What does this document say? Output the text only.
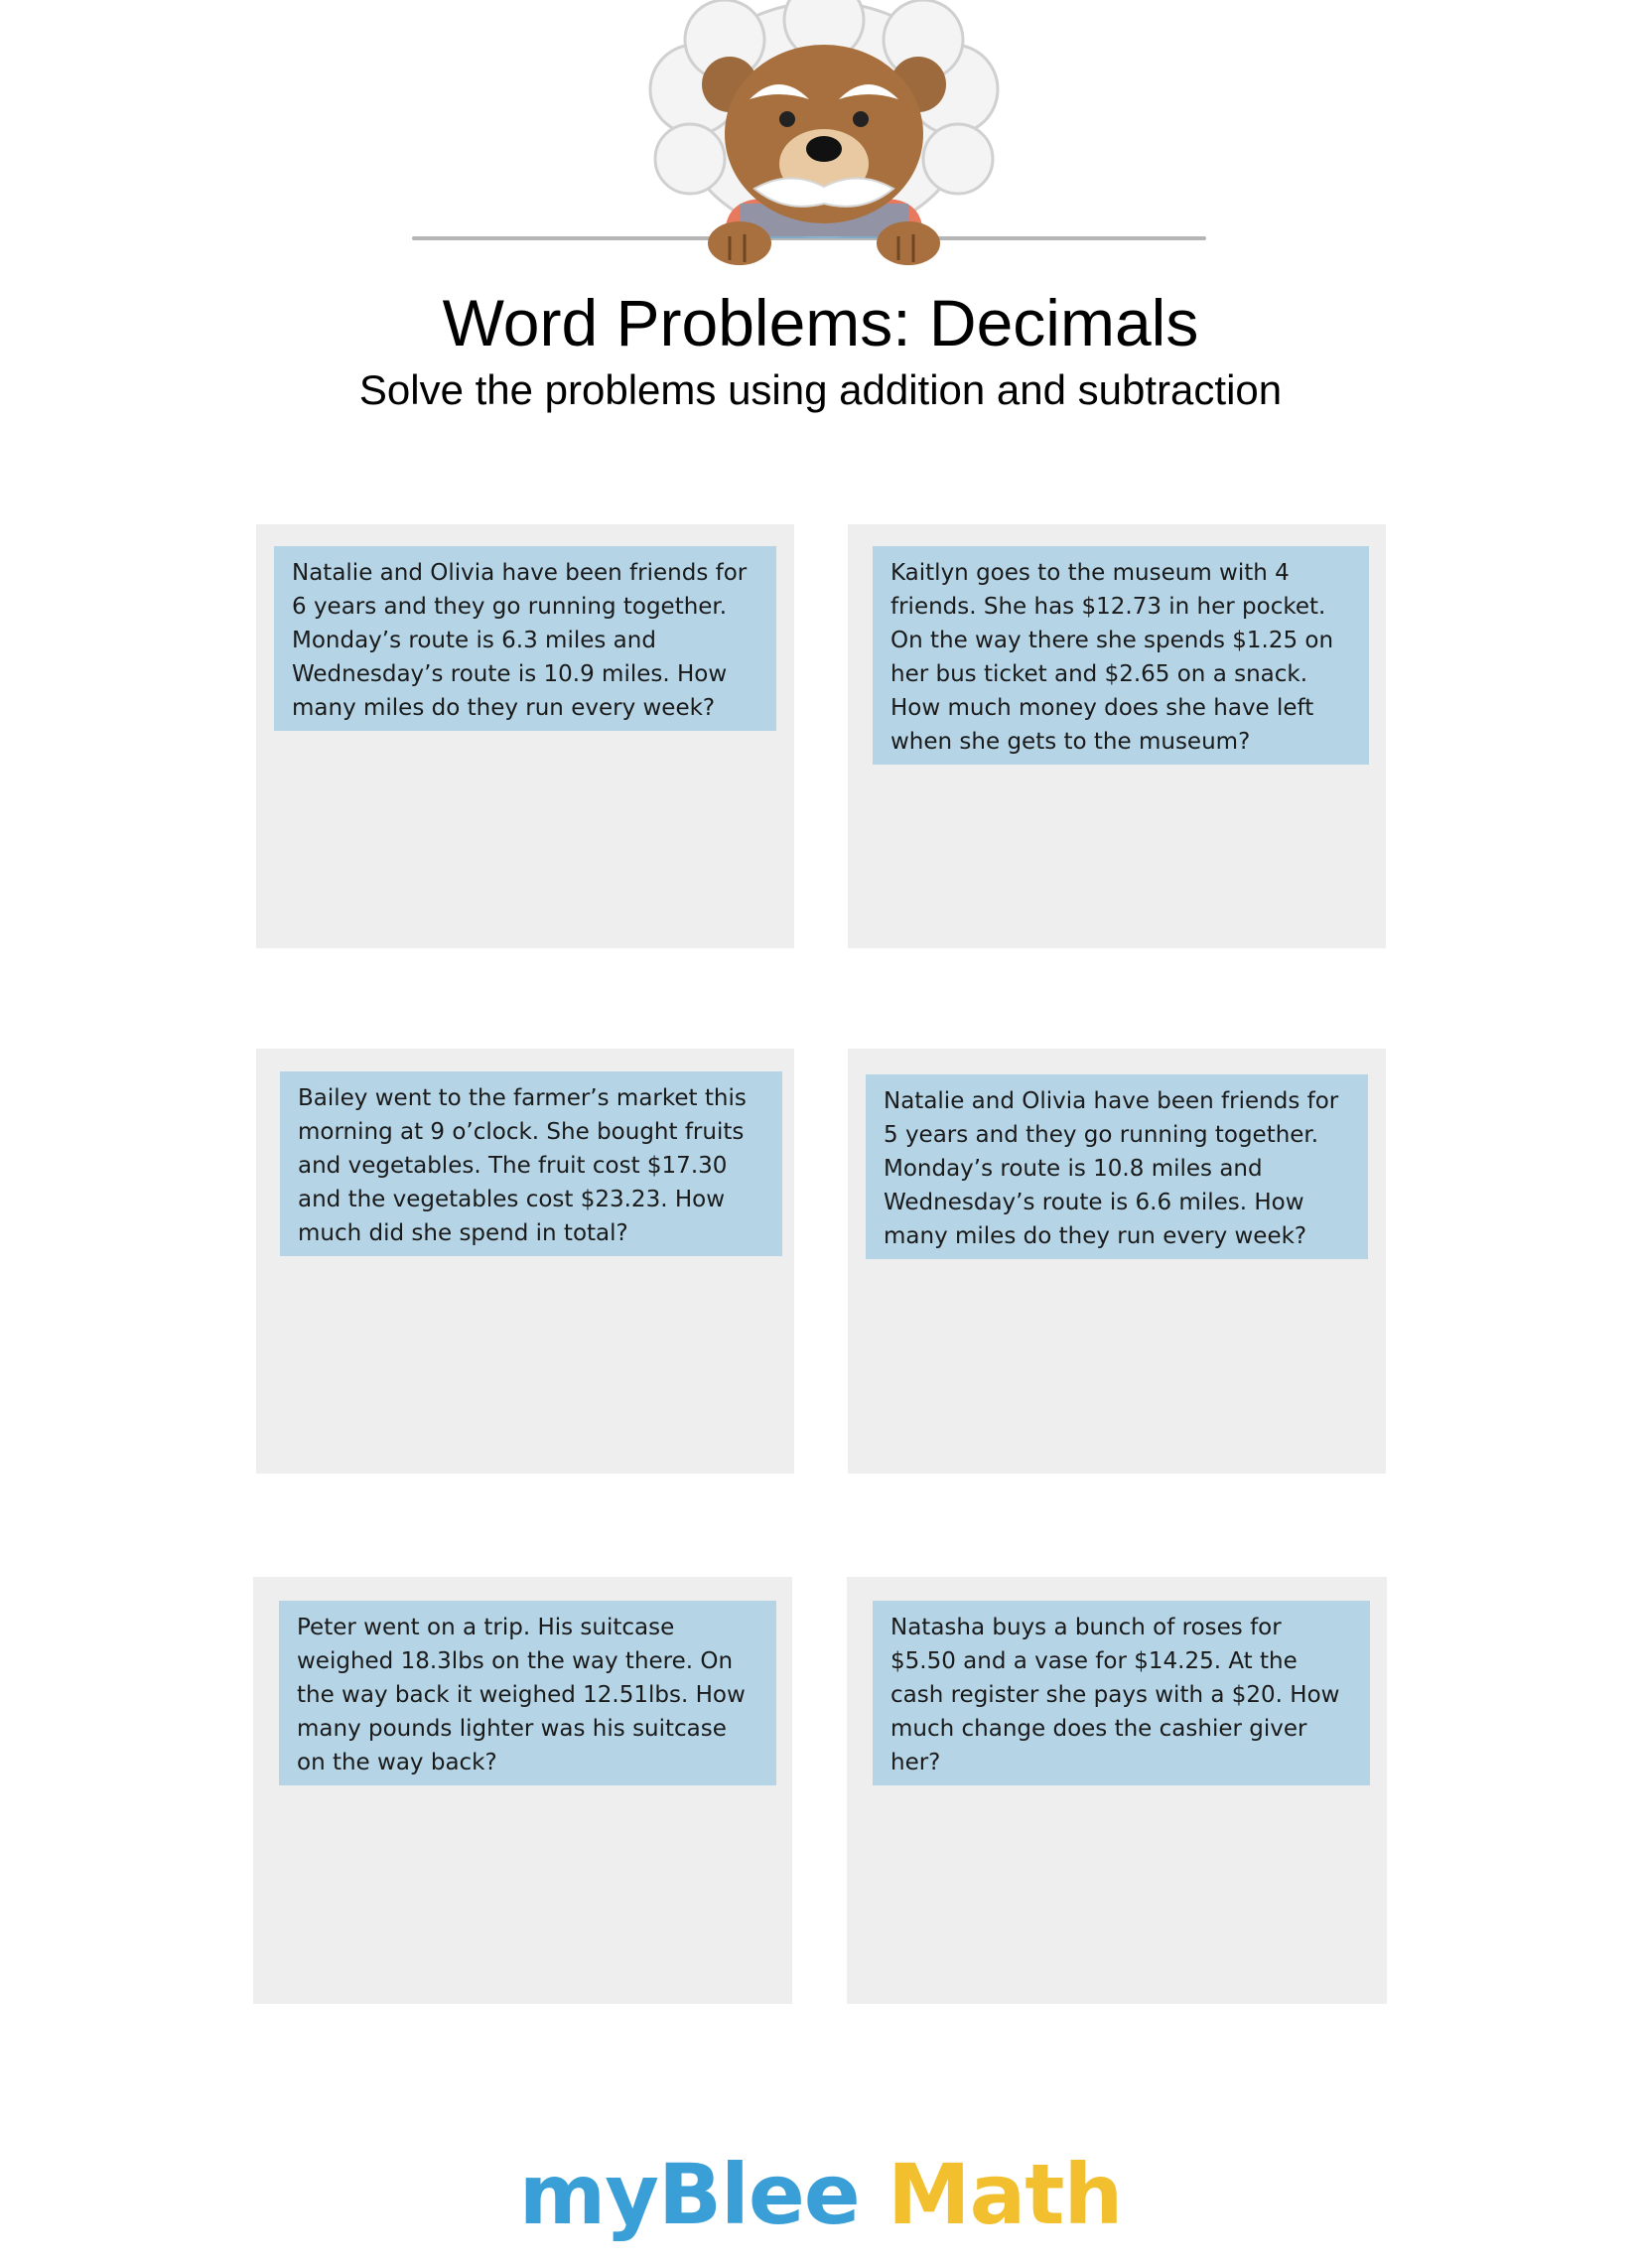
Word Problems: Decimals
Solve the problems using addition and subtraction
Natalie and Olivia have been friends for 6 years and they go running together. Monday’s route is 6.3 miles and Wednesday’s route is 10.9 miles. How many miles do they run every week?
Kaitlyn goes to the museum with 4 friends. She has $12.73 in her pocket. On the way there she spends $1.25 on her bus ticket and $2.65 on a snack. How much money does she have left when she gets to the museum?
Bailey went to the farmer’s market this morning at 9 o’clock. She bought fruits and vegetables. The fruit cost $17.30 and the vegetables cost $23.23. How much did she spend in total?
Natalie and Olivia have been friends for 5 years and they go running together. Monday’s route is 10.8 miles and Wednesday’s route is 6.6 miles. How many miles do they run every week?
Peter went on a trip. His suitcase weighed 18.3lbs on the way there. On the way back it weighed 12.51lbs. How many pounds lighter was his suitcase on the way back?
Natasha buys a bunch of roses for $5.50 and a vase for $14.25. At the cash register she pays with a $20. How much change does the cashier giver her?
myBlee Math
